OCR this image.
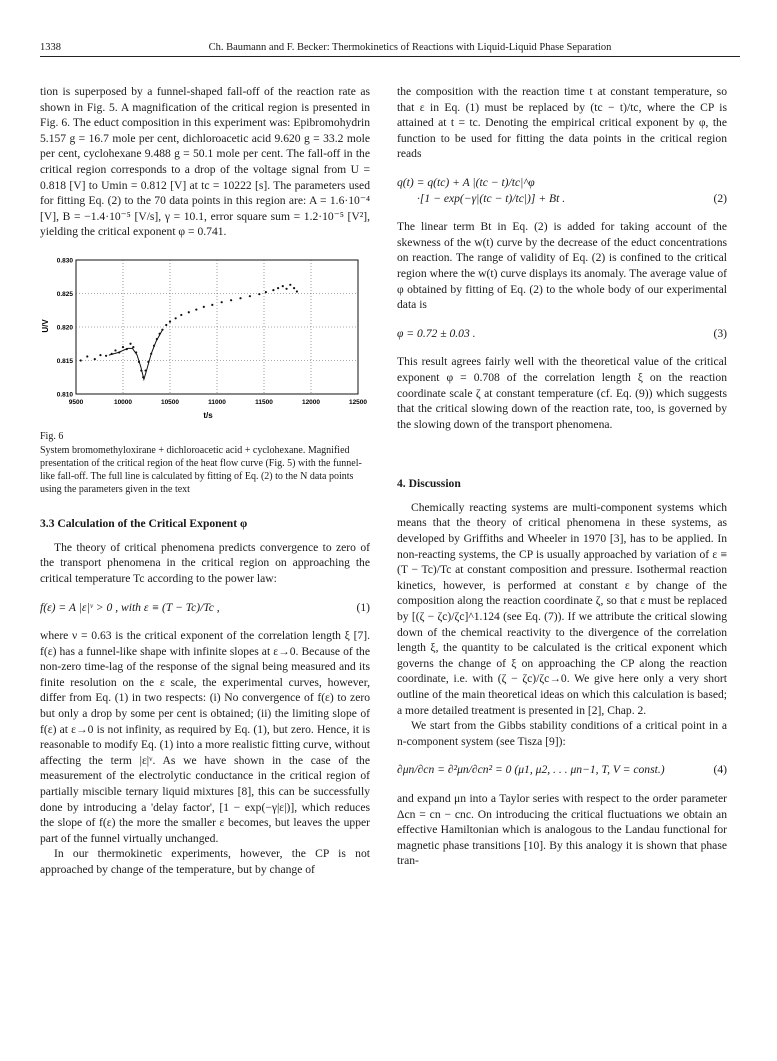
1338	Ch. Baumann and F. Becker: Thermokinetics of Reactions with Liquid-Liquid Phase Separation

tion is superposed by a funnel-shaped fall-off of the reaction rate as shown in Fig. 5. A magnification of the critical region is presented in Fig. 6. The educt composition in this experiment was: Epibromohydrin 5.157 g = 16.7 mole per cent, dichloroacetic acid 9.620 g = 33.2 mole per cent, cyclohexane 9.488 g = 50.1 mole per cent. The fall-off in the critical region corresponds to a drop of the voltage signal from U = 0.818 [V] to Umin = 0.812 [V] at tc = 10222 [s]. The parameters used for fitting Eq. (2) to the 70 data points in this region are: A = 1.6·10⁻⁴ [V], B = −1.4·10⁻⁵ [V/s], γ = 10.1, error square sum = 1.2·10⁻⁵ [V²], yielding the critical exponent φ = 0.741.

9500	10000	10500	11000	11500	12000	12500
0.810
0.815
0.820
0.825
0.830
t/s
U/V
Fig. 6
System bromomethyloxirane + dichloroacetic acid + cyclohexane. Magnified presentation of the critical region of the heat flow curve (Fig. 5) with the funnel-like fall-off. The full line is calculated by fitting of Eq. (2) to the N data points using the parameters given in the text
3.3 Calculation of the Critical Exponent φ

The theory of critical phenomena predicts convergence to zero of the transport phenomena in the critical region on approaching the critical temperature Tc according to the power law:

f(ε) = A |ε|ᵛ > 0 , with ε ≡ (T − Tc)/Tc ,	(1)

where ν = 0.63 is the critical exponent of the correlation length ξ [7]. f(ε) has a funnel-like shape with infinite slopes at ε→0. Because of the non-zero time-lag of the response of the signal being measured and its finite resolution on the ε scale, the experimental curves, however, differ from Eq. (1) in two respects: (i) No convergence of f(ε) to zero but only a drop by some per cent is obtained; (ii) the limiting slope of f(ε) at ε→0 is not infinity, as required by Eq. (1), but zero. Hence, it is reasonable to modify Eq. (1) into a more realistic fitting curve, without affecting the term |ε|ᵛ. As we have shown in the case of the measurement of the electrolytic conductance in the critical region of partially miscible ternary liquid mixtures [8], this can be successfully done by introducing a 'delay factor', [1 − exp(−γ|ε|)], which reduces the slope of f(ε) the more the smaller ε becomes, but leaves the upper part of the funnel virtually unchanged.

In our thermokinetic experiments, however, the CP is not approached by change of the temperature, but by change of

the composition with the reaction time t at constant temperature, so that ε in Eq. (1) must be replaced by (tc − t)/tc, where the CP is attained at t = tc. Denoting the empirical critical exponent by φ, the function to be used for fitting the data points in the critical region reads

q(t) = q(tc) + A |(tc − t)/tc|^φ
·[1 − exp(−γ|(tc − t)/tc|)] + Bt .	(2)

The linear term Bt in Eq. (2) is added for taking account of the skewness of the w(t) curve by the decrease of the educt concentrations on reaction. The range of validity of Eq. (2) is confined to the critical region where the w(t) curve displays its anomaly. The average value of φ obtained by fitting of Eq. (2) to the whole body of our experimental data is

φ = 0.72 ± 0.03 .	(3)

This result agrees fairly well with the theoretical value of the critical exponent φ = 0.708 of the correlation length ξ on the reaction coordinate scale ζ at constant temperature (cf. Eq. (9)) which suggests that the critical slowing down of the reaction rate, too, is governed by the slowing down of the transport phenomena.

4. Discussion

Chemically reacting systems are multi-component systems which means that the theory of critical phenomena in these systems, as developed by Griffiths and Wheeler in 1970 [3], has to be applied. In non-reacting systems, the CP is usually approached by variation of ε ≡ (T − Tc)/Tc at constant composition and pressure. Isothermal reaction kinetics, however, is performed at constant ε by change of the composition along the reaction coordinate ζ, so that ε must be replaced by [(ζ − ζc)/ζc]^1.124 (see Eq. (7)). If we attribute the critical slowing down of the chemical reactivity to the divergence of the correlation length ξ, the quantity to be calculated is the critical exponent which governs the change of ξ on approaching the CP along the reaction coordinate, i.e. with (ζ − ζc)/ζc→0. We give here only a very short outline of the main theoretical ideas on which this calculation is based; a more detailed treatment is presented in [2], Chap. 2.

We start from the Gibbs stability conditions of a critical point in a n-component system (see Tisza [9]):

∂μn/∂cn = ∂²μn/∂cn² = 0 (μ1, μ2, . . . μn−1, T, V = const.)	(4)

and expand μn into a Taylor series with respect to the order parameter Δcn = cn − cnc. On introducing the critical fluctuations we obtain an effective Hamiltonian which is analogous to the Landau functional for magnetic phase transitions [10]. By this analogy it is shown that phase tran-
